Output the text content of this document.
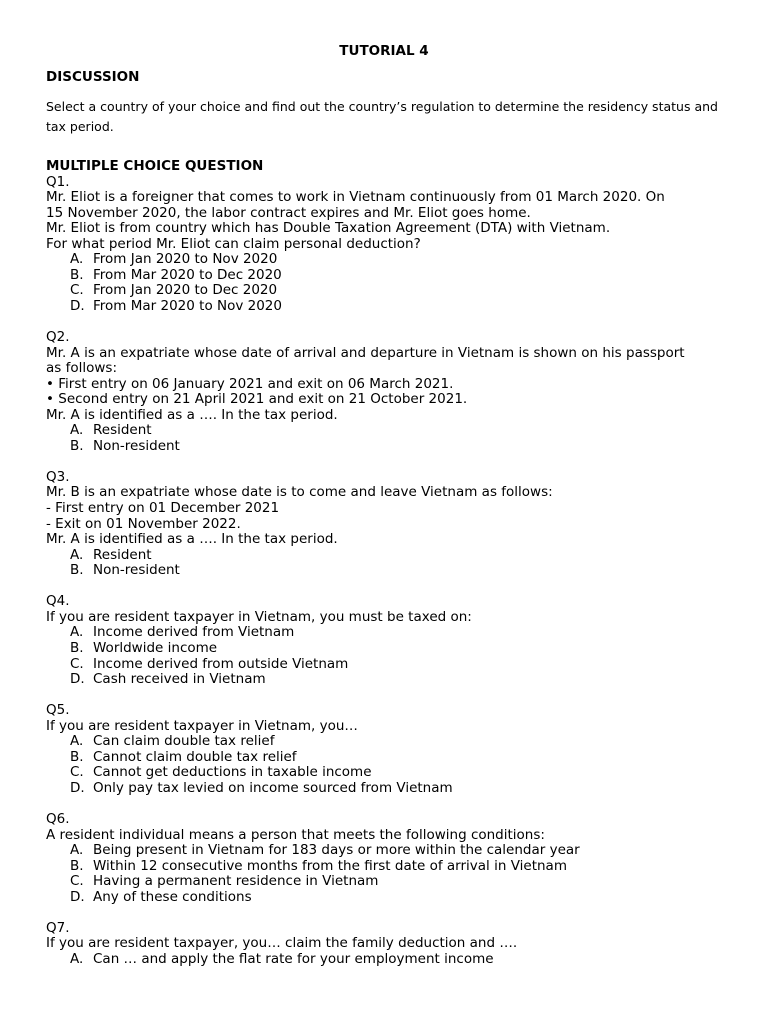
TUTORIAL 4
DISCUSSION
Select a country of your choice and find out the country’s regulation to determine the residency status and tax period.
MULTIPLE CHOICE QUESTION
Q1.
Mr. Eliot is a foreigner that comes to work in Vietnam continuously from 01 March 2020. On
15 November 2020, the labor contract expires and Mr. Eliot goes home.
Mr. Eliot is from country which has Double Taxation Agreement (DTA) with Vietnam.
For what period Mr. Eliot can claim personal deduction?
A. From Jan 2020 to Nov 2020
B. From Mar 2020 to Dec 2020
C. From Jan 2020 to Dec 2020
D. From Mar 2020 to Nov 2020
Q2.
Mr. A is an expatriate whose date of arrival and departure in Vietnam is shown on his passport
as follows:
• First entry on 06 January 2021 and exit on 06 March 2021.
• Second entry on 21 April 2021 and exit on 21 October 2021.
Mr. A is identified as a …. In the tax period.
A. Resident
B. Non-resident
Q3.
Mr. B is an expatriate whose date is to come and leave Vietnam as follows:
- First entry on 01 December 2021
- Exit on 01 November 2022.
Mr. A is identified as a …. In the tax period.
A. Resident
B. Non-resident
Q4.
If you are resident taxpayer in Vietnam, you must be taxed on:
A. Income derived from Vietnam
B. Worldwide income
C. Income derived from outside Vietnam
D. Cash received in Vietnam
Q5.
If you are resident taxpayer in Vietnam, you…
A. Can claim double tax relief
B. Cannot claim double tax relief
C. Cannot get deductions in taxable income
D. Only pay tax levied on income sourced from Vietnam
Q6.
A resident individual means a person that meets the following conditions:
A. Being present in Vietnam for 183 days or more within the calendar year
B. Within 12 consecutive months from the first date of arrival in Vietnam
C. Having a permanent residence in Vietnam
D. Any of these conditions
Q7.
If you are resident taxpayer, you… claim the family deduction and ….
A. Can … and apply the flat rate for your employment income
